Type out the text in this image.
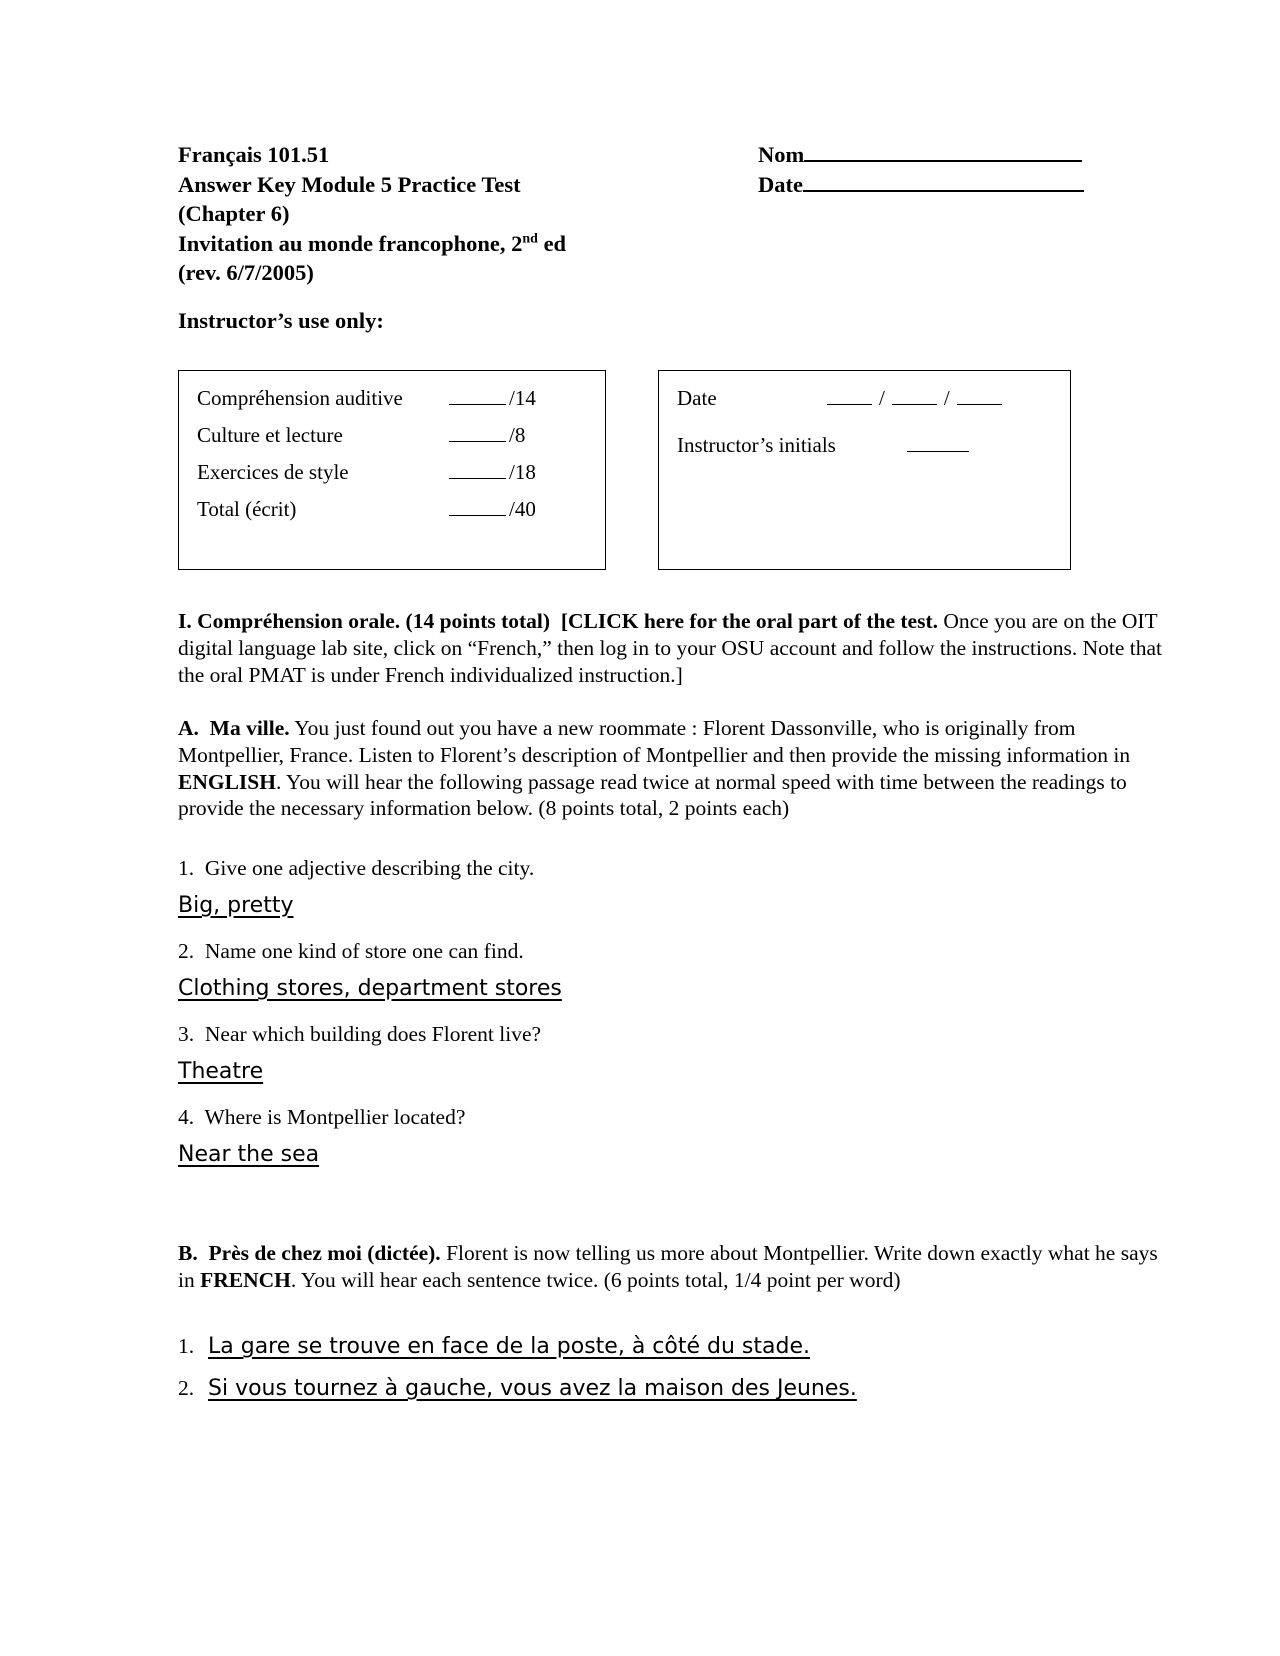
Français 101.51
Answer Key Module 5 Practice Test
(Chapter 6)
Invitation au monde francophone, 2nd ed
(rev. 6/7/2005)
Nom
Date
Instructor’s use only:
Compréhension auditive	/14
Culture et lecture	/8
Exercices de style	/18
Total (écrit)	/40
Date	/	/
Instructor’s initials
I. Compréhension orale. (14 points total) [CLICK here for the oral part of the test. Once you are on the OIT digital language lab site, click on “French,” then log in to your OSU account and follow the instructions. Note that the oral PMAT is under French individualized instruction.]
A. Ma ville. You just found out you have a new roommate : Florent Dassonville, who is originally from Montpellier, France. Listen to Florent’s description of Montpellier and then provide the missing information in ENGLISH. You will hear the following passage read twice at normal speed with time between the readings to provide the necessary information below. (8 points total, 2 points each)
1. Give one adjective describing the city.
Big, pretty
2. Name one kind of store one can find.
Clothing stores, department stores
3. Near which building does Florent live?
Theatre
4. Where is Montpellier located?
Near the sea
B. Près de chez moi (dictée). Florent is now telling us more about Montpellier. Write down exactly what he says in FRENCH. You will hear each sentence twice. (6 points total, 1/4 point per word)
1. La gare se trouve en face de la poste, à côté du stade.
2. Si vous tournez à gauche, vous avez la maison des Jeunes.
